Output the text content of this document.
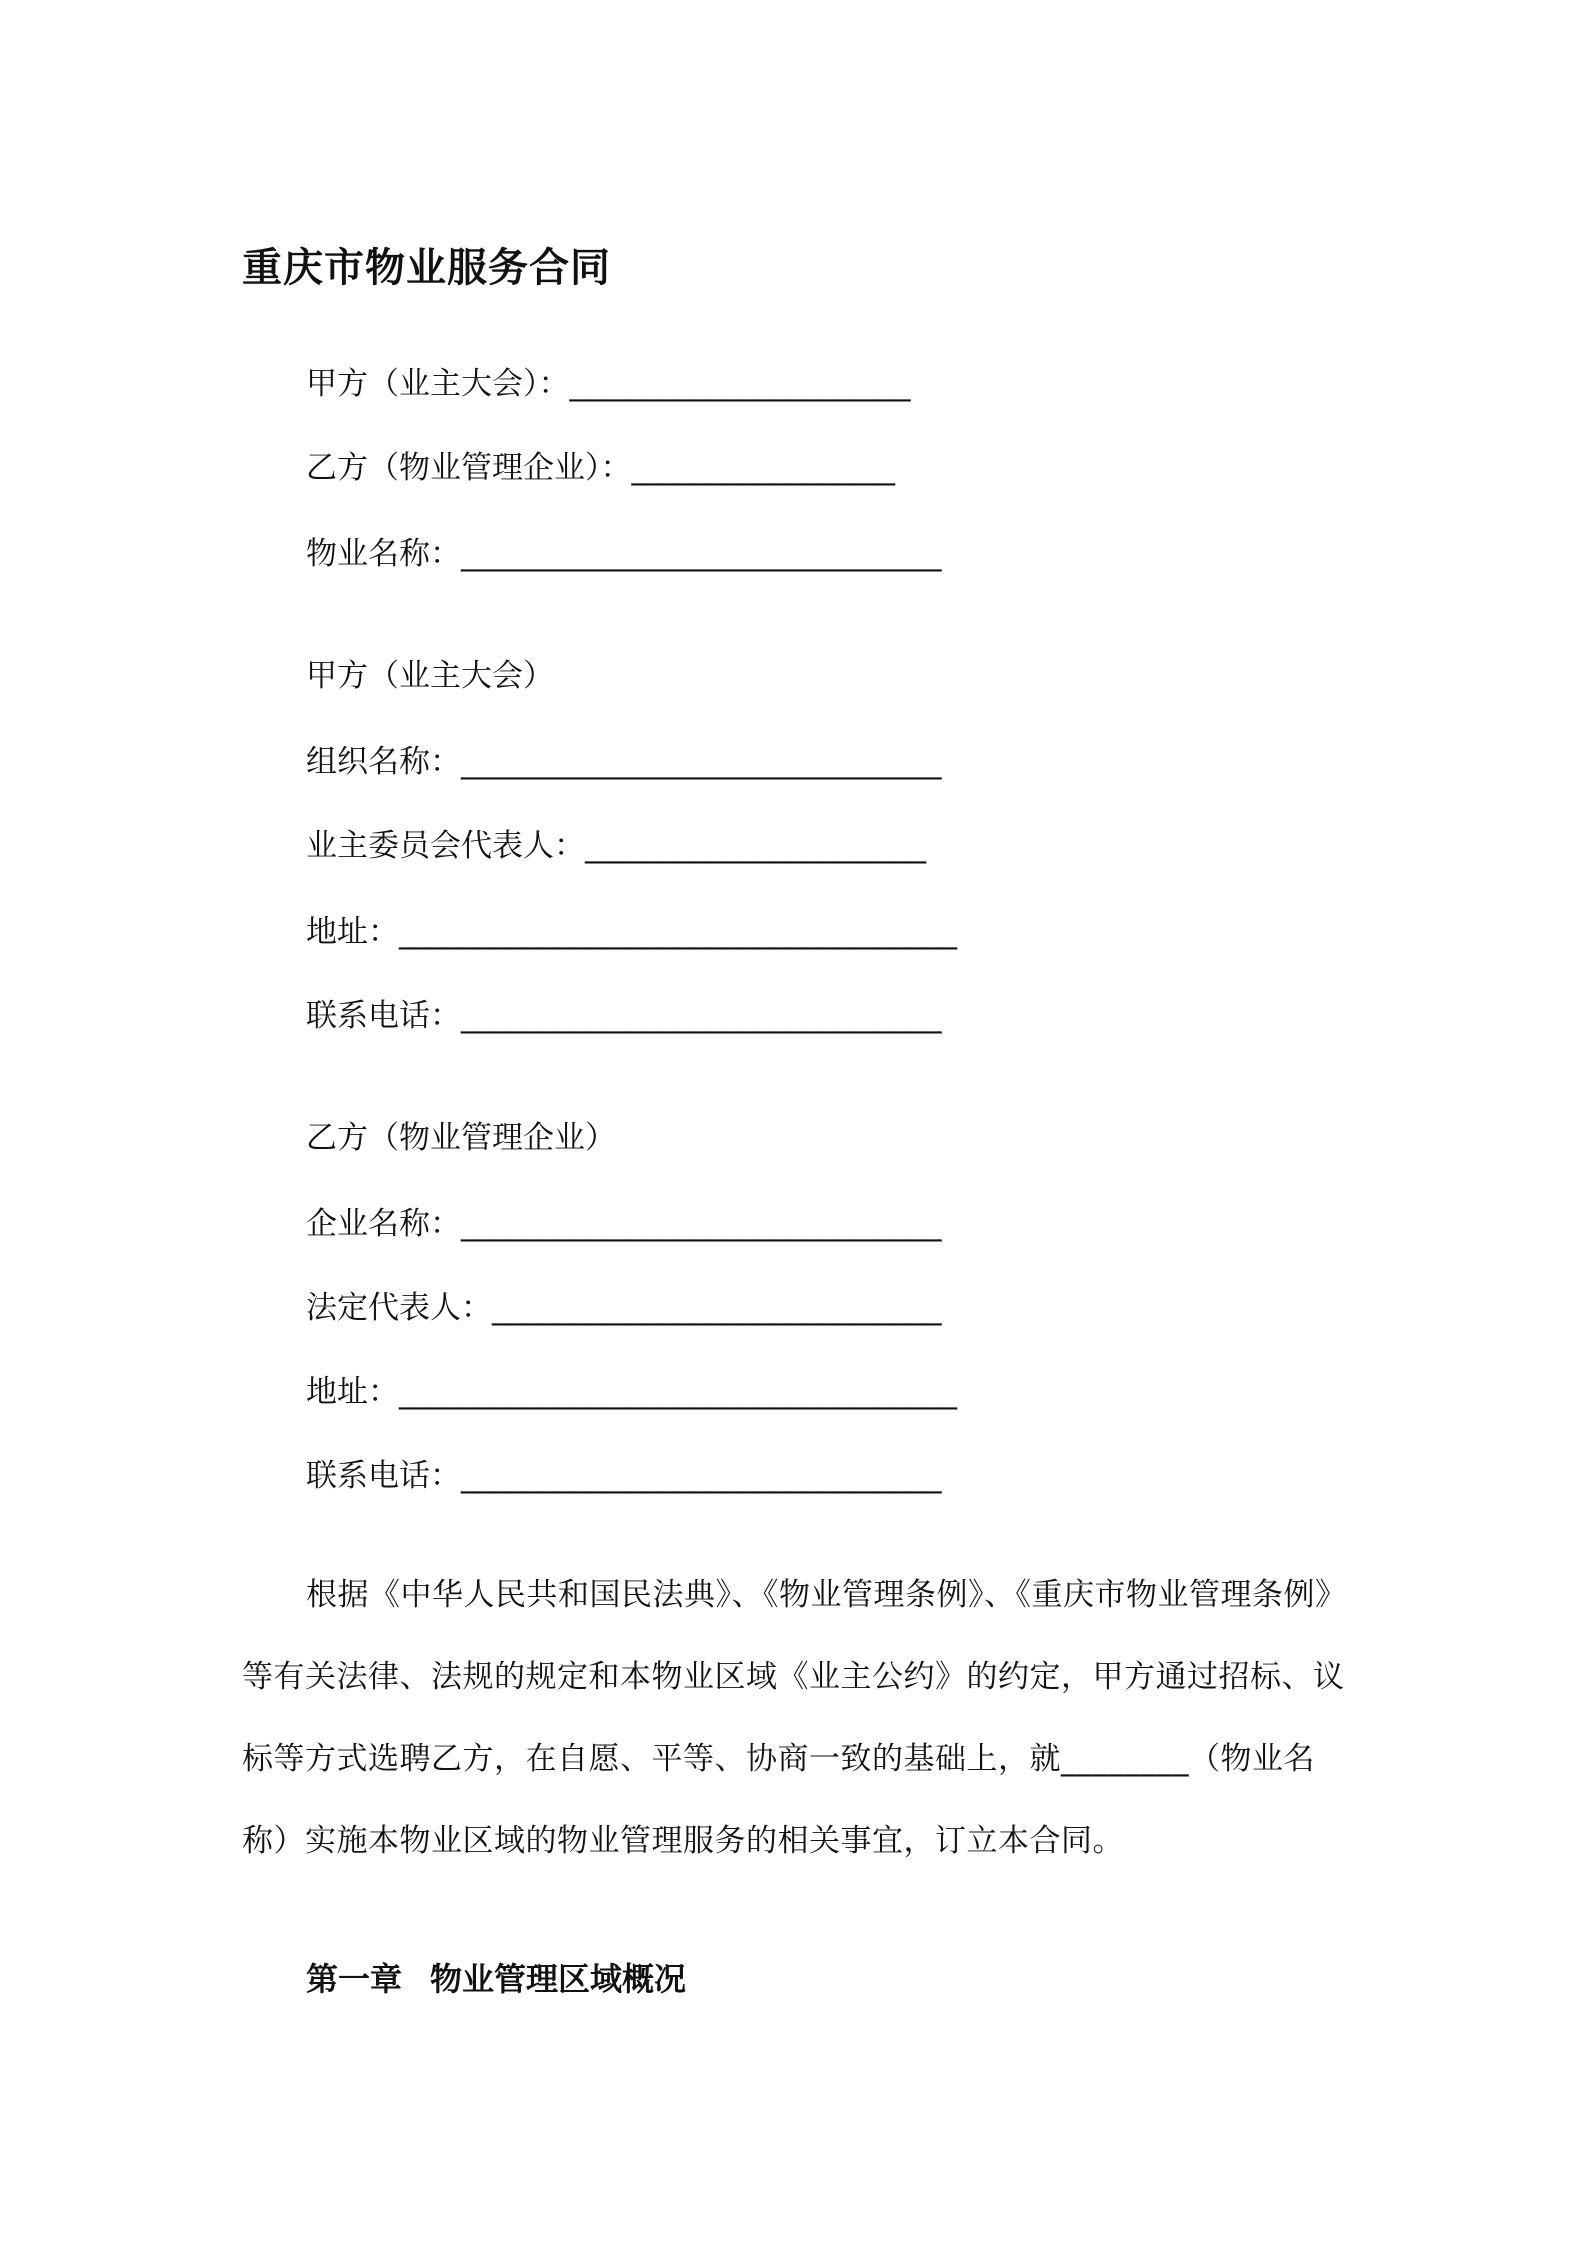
重庆市物业服务合同
甲方（业主大会）：______________________
乙方（物业管理企业）：_________________
物业名称：_______________________________
甲方（业主大会）
组织名称：_______________________________
业主委员会代表人：______________________
地址：____________________________________
联系电话：_______________________________
乙方（物业管理企业）
企业名称：_______________________________
法定代表人：_____________________________
地址：____________________________________
联系电话：_______________________________

根据《中华人民共和国民法典》、《物业管理条例》、《重庆市物业管理条例》等有关法律、法规的规定和本物业区域《业主公约》的约定，甲方通过招标、议标等方式选聘乙方，在自愿、平等、协商一致的基础上，就________（物业名称）实施本物业区域的物业管理服务的相关事宜，订立本合同。

第一章 物业管理区域概况
